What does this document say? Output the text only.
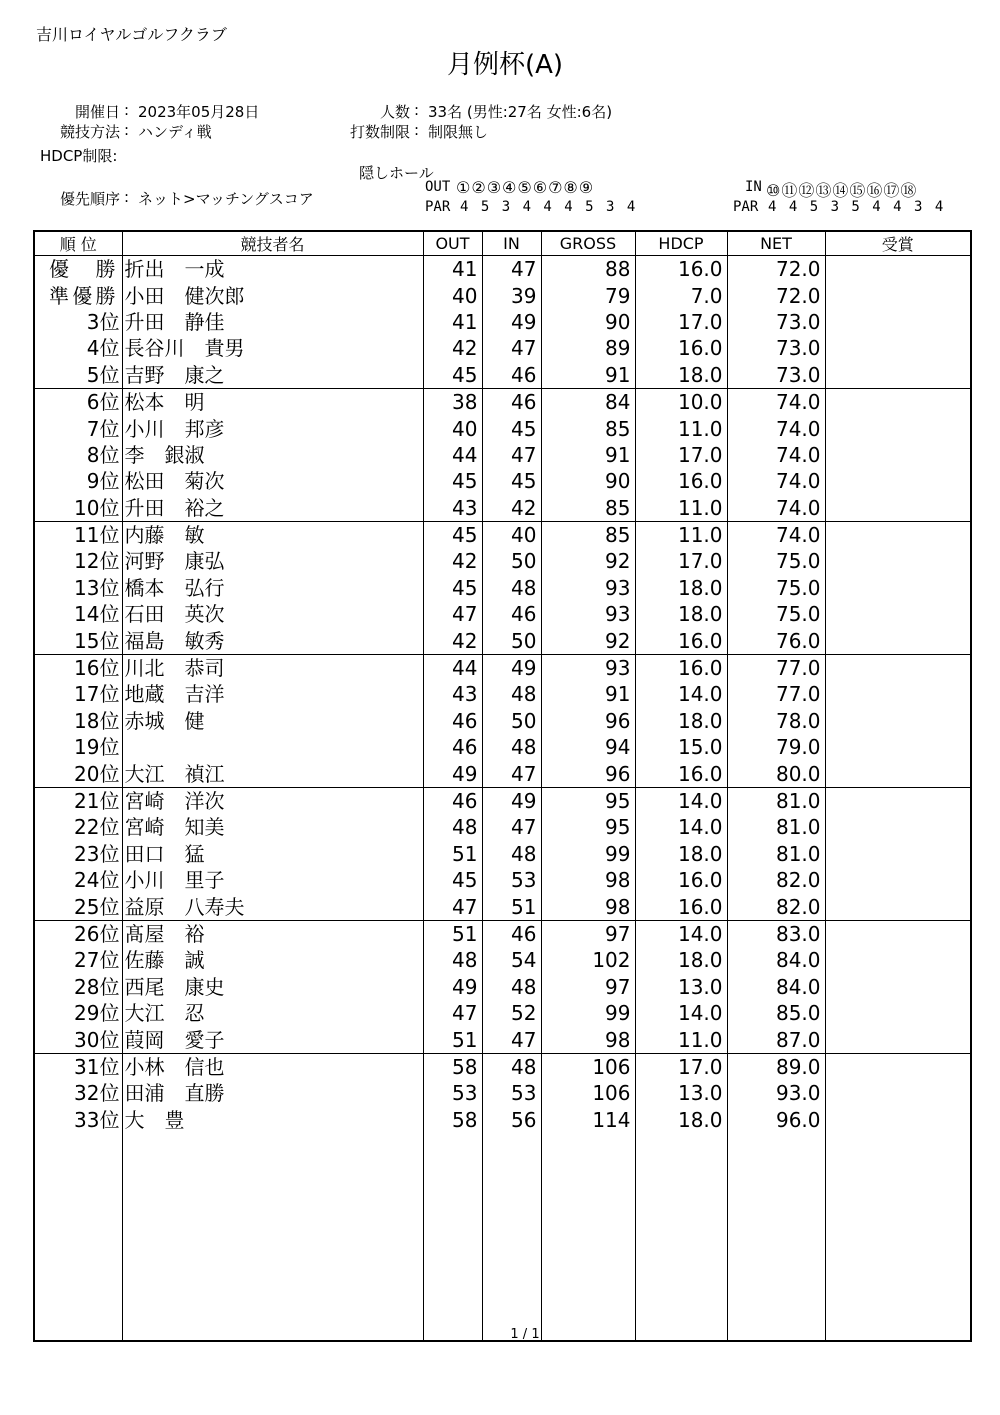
吉川ロイヤルゴルフクラブ
月例杯(A)
開催日 : 2023年05月28日
競技方法 : ハンディ戦
HDCP制限:
優先順序 : ネット>マッチングスコア
人数 : 33名 (男性:27名 女性:6名)
打数制限 : 制限無し
隠しホール
OUT ①②③④⑤⑥⑦⑧⑨
PAR 4 5 3 4 4 4 5 3 4
IN ⑩⑪⑫⑬⑭⑮⑯⑰⑱
PAR 4 4 5 3 5 4 4 3 4
順 位	競技者名	OUT	IN	GROSS	HDCP	NET	受賞
優 勝	折出　一成	41	47	88	16.0	72.0	
準優勝	小田　健次郎	40	39	79	7.0	72.0	
3位	升田　静佳	41	49	90	17.0	73.0	
4位	長谷川　貴男	42	47	89	16.0	73.0	
5位	吉野　康之	45	46	91	18.0	73.0	
6位	松本　明	38	46	84	10.0	74.0	
7位	小川　邦彦	40	45	85	11.0	74.0	
8位	李　銀淑	44	47	91	17.0	74.0	
9位	松田　菊次	45	45	90	16.0	74.0	
10位	升田　裕之	43	42	85	11.0	74.0	
11位	内藤　敏	45	40	85	11.0	74.0	
12位	河野　康弘	42	50	92	17.0	75.0	
13位	橋本　弘行	45	48	93	18.0	75.0	
14位	石田　英次	47	46	93	18.0	75.0	
15位	福島　敏秀	42	50	92	16.0	76.0	
16位	川北　恭司	44	49	93	16.0	77.0	
17位	地蔵　吉洋	43	48	91	14.0	77.0	
18位	赤城　健	46	50	96	18.0	78.0	
19位		46	48	94	15.0	79.0	
20位	大江　禎江	49	47	96	16.0	80.0	
21位	宮崎　洋次	46	49	95	14.0	81.0	
22位	宮崎　知美	48	47	95	14.0	81.0	
23位	田口　猛	51	48	99	18.0	81.0	
24位	小川　里子	45	53	98	16.0	82.0	
25位	益原　八寿夫	47	51	98	16.0	82.0	
26位	髙屋　裕	51	46	97	14.0	83.0	
27位	佐藤　誠	48	54	102	18.0	84.0	
28位	西尾　康史	49	48	97	13.0	84.0	
29位	大江　忍	47	52	99	14.0	85.0	
30位	葭岡　愛子	51	47	98	11.0	87.0	
31位	小林　信也	58	48	106	17.0	89.0	
32位	田浦　直勝	53	53	106	13.0	93.0	
33位	大　豊	58	56	114	18.0	96.0	

1 / 1
